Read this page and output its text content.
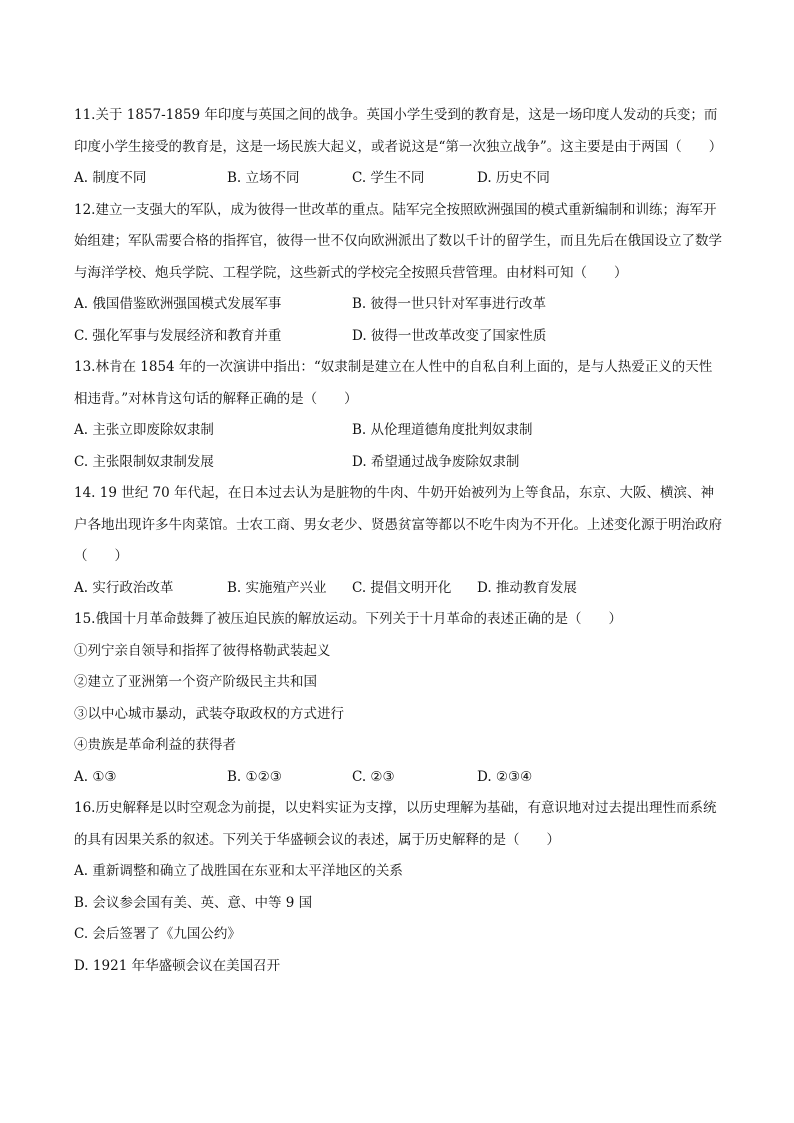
11.关于 1857-1859 年印度与英国之间的战争。英国小学生受到的教育是，这是一场印度人发动的兵变；而印度小学生接受的教育是，这是一场民族大起义，或者说这是“第一次独立战争”。这主要是由于两国（　　）

A. 制度不同	B. 立场不同	C. 学生不同	D. 历史不同

12.建立一支强大的军队，成为彼得一世改革的重点。陆军完全按照欧洲强国的模式重新编制和训练；海军开始组建；军队需要合格的指挥官，彼得一世不仅向欧洲派出了数以千计的留学生，而且先后在俄国设立了数学与海洋学校、炮兵学院、工程学院，这些新式的学校完全按照兵营管理。由材料可知（　　）

A. 俄国借鉴欧洲强国模式发展军事	B. 彼得一世只针对军事进行改革
C. 强化军事与发展经济和教育并重	D. 彼得一世改革改变了国家性质

13.林肯在 1854 年的一次演讲中指出：“奴隶制是建立在人性中的自私自利上面的，是与人热爱正义的天性相违背。”对林肯这句话的解释正确的是（　　）

A. 主张立即废除奴隶制	B. 从伦理道德角度批判奴隶制
C. 主张限制奴隶制发展	D. 希望通过战争废除奴隶制

14. 19 世纪 70 年代起，在日本过去认为是脏物的牛肉、牛奶开始被列为上等食品，东京、大阪、横滨、神户各地出现许多牛肉菜馆。士农工商、男女老少、贤愚贫富等都以不吃牛肉为不开化。上述变化源于明治政府（　　）

A. 实行政治改革	B. 实施殖产兴业	C. 提倡文明开化	D. 推动教育发展

15.俄国十月革命鼓舞了被压迫民族的解放运动。下列关于十月革命的表述正确的是（　　）

①列宁亲自领导和指挥了彼得格勒武装起义
②建立了亚洲第一个资产阶级民主共和国
③以中心城市暴动，武装夺取政权的方式进行
④贵族是革命利益的获得者
A. ①③	B. ①②③	C. ②③	D. ②③④

16.历史解释是以时空观念为前提，以史料实证为支撑，以历史理解为基础，有意识地对过去提出理性而系统的具有因果关系的叙述。下列关于华盛顿会议的表述，属于历史解释的是（　　）

A. 重新调整和确立了战胜国在东亚和太平洋地区的关系
B. 会议参会国有美、英、意、中等 9 国
C. 会后签署了《九国公约》
D. 1921 年华盛顿会议在美国召开
